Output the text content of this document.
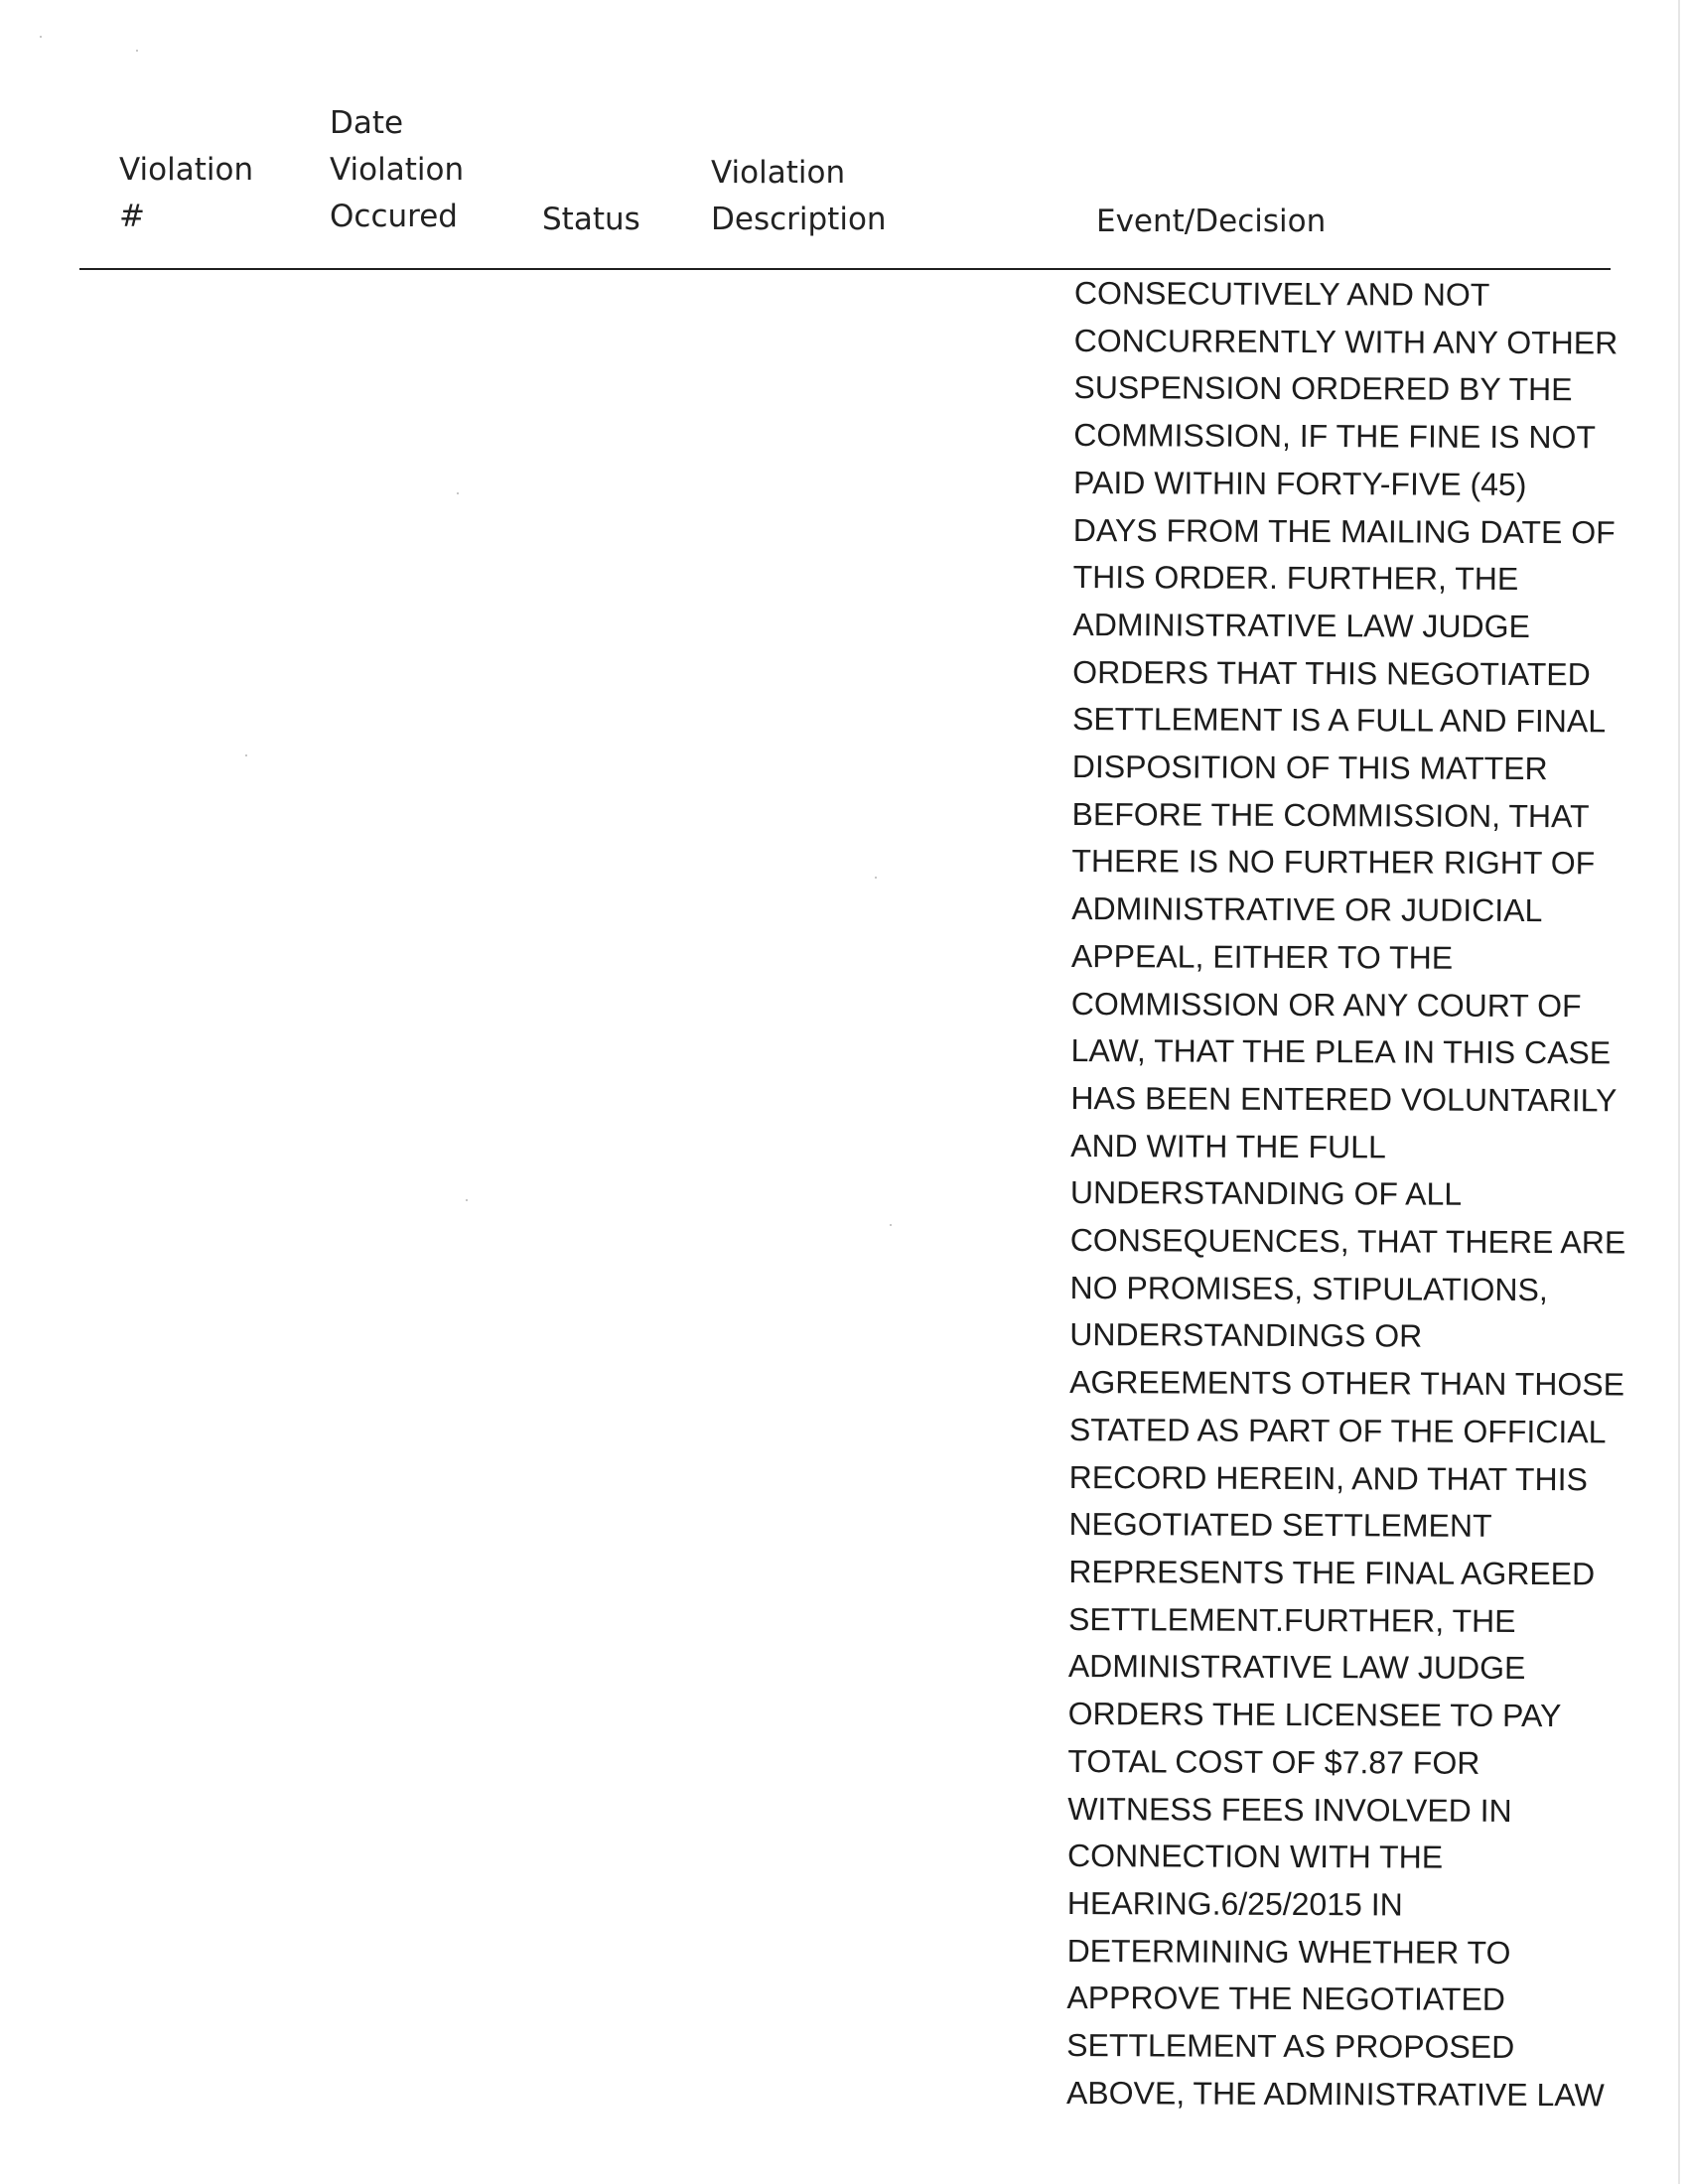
Violation
#
Date
Violation
Occured	Status
Violation
Description	Event/Decision
CONSECUTIVELY AND NOT
CONCURRENTLY WITH ANY OTHER
SUSPENSION ORDERED BY THE
COMMISSION, IF THE FINE IS NOT
PAID WITHIN FORTY-FIVE (45)
DAYS FROM THE MAILING DATE OF
THIS ORDER. FURTHER, THE
ADMINISTRATIVE LAW JUDGE
ORDERS THAT THIS NEGOTIATED
SETTLEMENT IS A FULL AND FINAL
DISPOSITION OF THIS MATTER
BEFORE THE COMMISSION, THAT
THERE IS NO FURTHER RIGHT OF
ADMINISTRATIVE OR JUDICIAL
APPEAL, EITHER TO THE
COMMISSION OR ANY COURT OF
LAW, THAT THE PLEA IN THIS CASE
HAS BEEN ENTERED VOLUNTARILY
AND WITH THE FULL
UNDERSTANDING OF ALL
CONSEQUENCES, THAT THERE ARE
NO PROMISES, STIPULATIONS,
UNDERSTANDINGS OR
AGREEMENTS OTHER THAN THOSE
STATED AS PART OF THE OFFICIAL
RECORD HEREIN, AND THAT THIS
NEGOTIATED SETTLEMENT
REPRESENTS THE FINAL AGREED
SETTLEMENT.FURTHER, THE
ADMINISTRATIVE LAW JUDGE
ORDERS THE LICENSEE TO PAY
TOTAL COST OF $7.87 FOR
WITNESS FEES INVOLVED IN
CONNECTION WITH THE
HEARING.6/25/2015 IN
DETERMINING WHETHER TO
APPROVE THE NEGOTIATED
SETTLEMENT AS PROPOSED
ABOVE, THE ADMINISTRATIVE LAW
